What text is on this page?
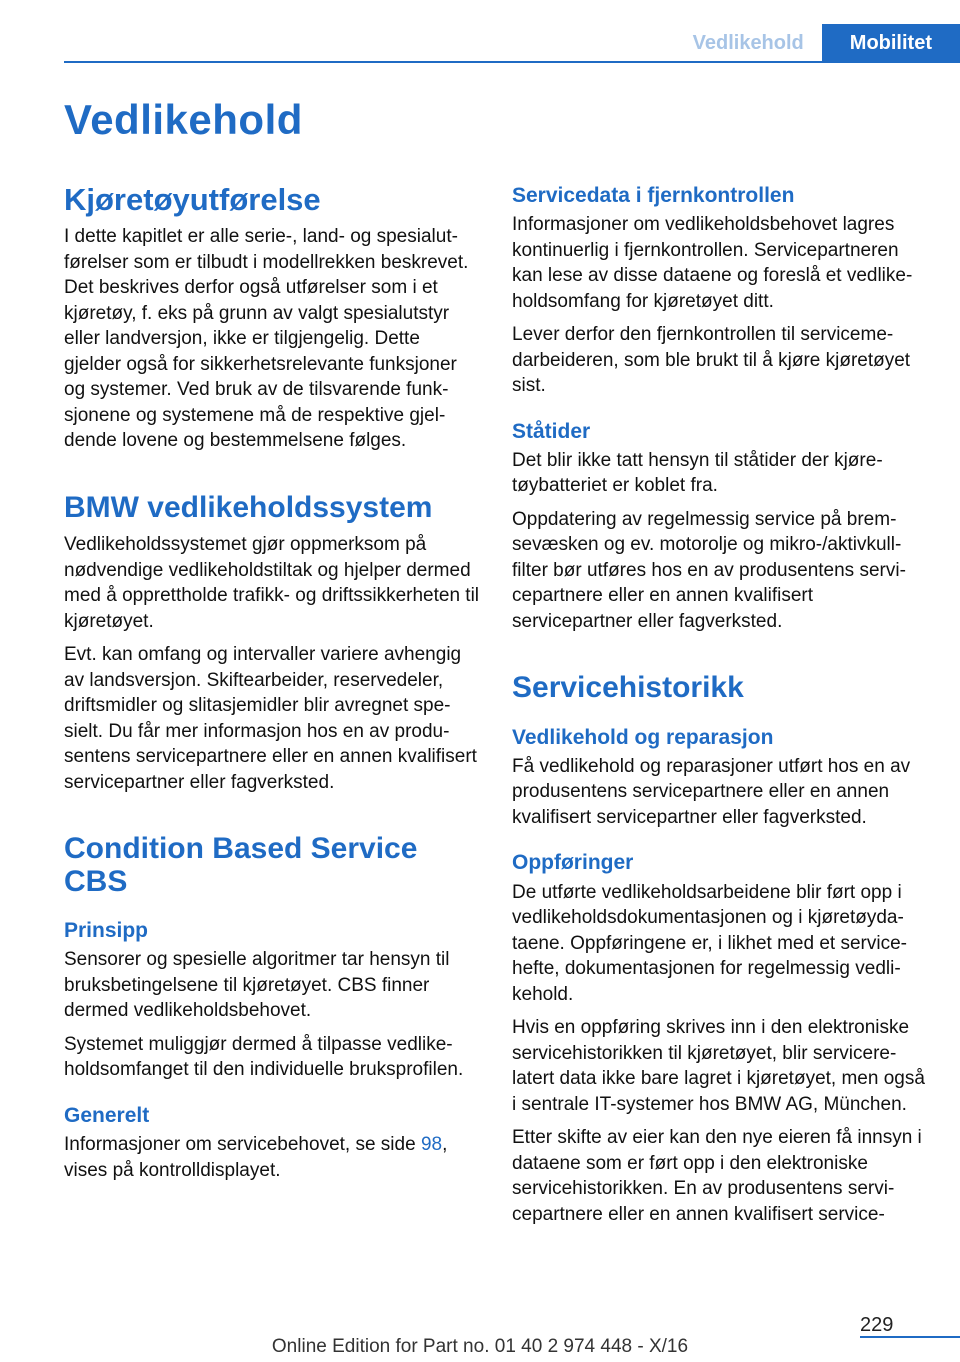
Vedlikehold	Mobilitet
Vedlikehold
Kjøretøyutførelse

I dette kapitlet er alle serie-, land- og spesialutførelser som er tilbudt i modellrekken beskrevet. Det beskrives derfor også utførelser som i et kjøretøy, f. eks på grunn av valgt spesialutstyr eller landversjon, ikke er tilgjengelig. Dette gjelder også for sikkerhetsrelevante funksjoner og systemer. Ved bruk av de tilsvarende funksjonene og systemene må de respektive gjeldende lovene og bestemmelsene følges.

BMW vedlikeholdssystem

Vedlikeholdssystemet gjør oppmerksom på nødvendige vedlikeholdstiltak og hjelper dermed med å opprettholde trafikk- og driftssikkerheten til kjøretøyet.

Evt. kan omfang og intervaller variere avhengig av landsversjon. Skiftearbeider, reservedeler, driftsmidler og slitasjemidler blir avregnet spesielt. Du får mer informasjon hos en av produsentens servicepartnere eller en annen kvalifisert servicepartner eller fagverksted.

Condition Based Service CBS
Prinsipp

Sensorer og spesielle algoritmer tar hensyn til bruksbetingelsene til kjøretøyet. CBS finner dermed vedlikeholdsbehovet.

Systemet muliggjør dermed å tilpasse vedlikeholdsomfanget til den individuelle bruksprofilen.

Generelt

Informasjoner om servicebehovet, se side 98, vises på kontrolldisplayet.

Servicedata i fjernkontrollen

Informasjoner om vedlikeholdsbehovet lagres kontinuerlig i fjernkontrollen. Servicepartneren kan lese av disse dataene og foreslå et vedlikeholdsomfang for kjøretøyet ditt.

Lever derfor den fjernkontrollen til servicemedarbeideren, som ble brukt til å kjøre kjøretøyet sist.

Ståtider

Det blir ikke tatt hensyn til ståtider der kjøretøybatteriet er koblet fra.

Oppdatering av regelmessig service på bremsevæsken og ev. motorolje og mikro-/aktivkullfilter bør utføres hos en av produsentens servicepartnere eller en annen kvalifisert servicepartner eller fagverksted.

Servicehistorikk
Vedlikehold og reparasjon

Få vedlikehold og reparasjoner utført hos en av produsentens servicepartnere eller en annen kvalifisert servicepartner eller fagverksted.

Oppføringer

De utførte vedlikeholdsarbeidene blir ført opp i vedlikeholdsdokumentasjonen og i kjøretøydataene. Oppføringene er, i likhet med et servicehefte, dokumentasjonen for regelmessig vedlikehold.

Hvis en oppføring skrives inn i den elektroniske servicehistorikken til kjøretøyet, blir servicerelatert data ikke bare lagret i kjøretøyet, men også i sentrale IT-systemer hos BMW AG, München.

Etter skifte av eier kan den nye eieren få innsyn i dataene som er ført opp i den elektroniske servicehistorikken. En av produsentens servicepartnere eller en annen kvalifisert service-

229
Online Edition for Part no. 01 40 2 974 448 - X/16
